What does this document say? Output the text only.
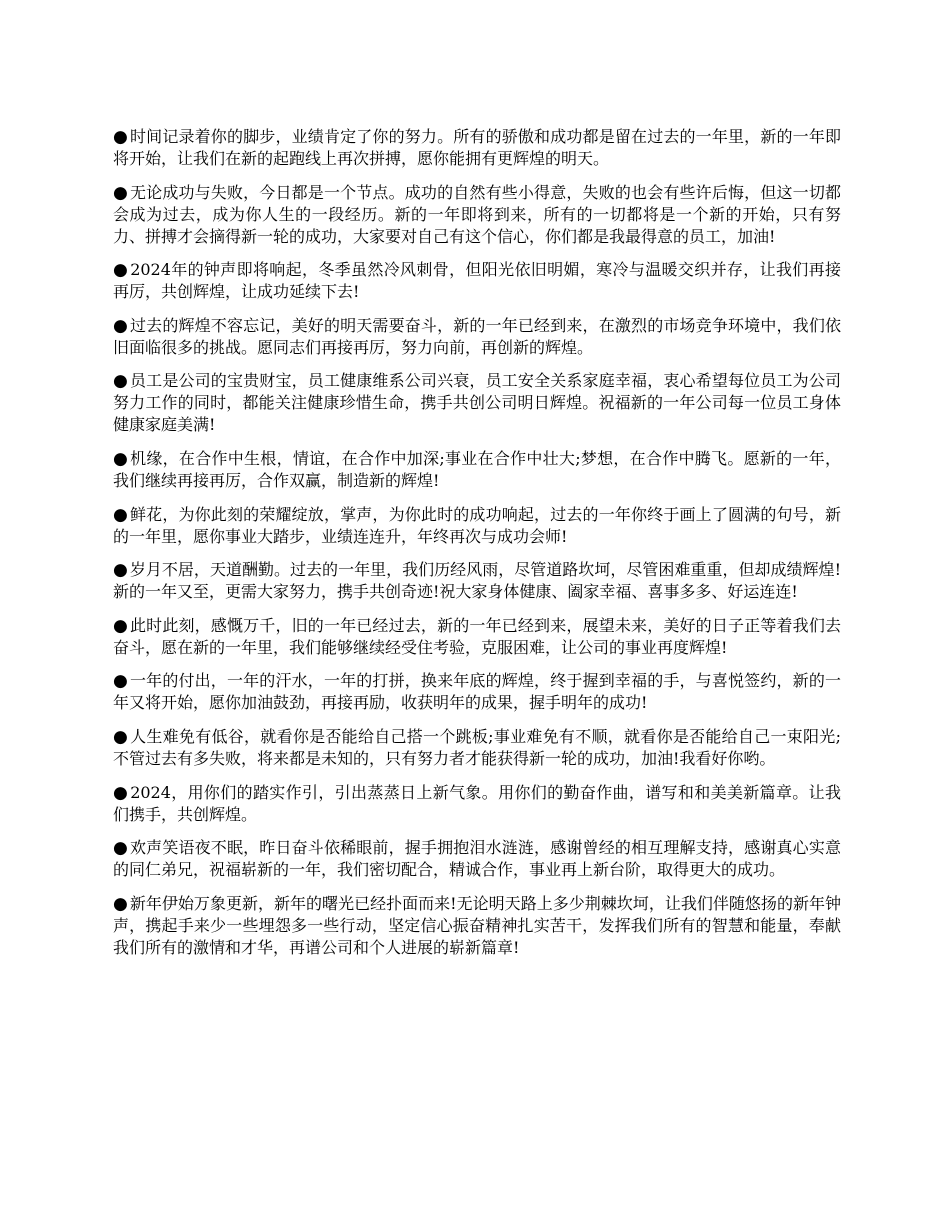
● 时间记录着你的脚步，业绩肯定了你的努力。所有的骄傲和成功都是留在过去的一年里，新的一年即将开始，让我们在新的起跑线上再次拼搏，愿你能拥有更辉煌的明天。

● 无论成功与失败，今日都是一个节点。成功的自然有些小得意，失败的也会有些许后悔，但这一切都会成为过去，成为你人生的一段经历。新的一年即将到来，所有的一切都将是一个新的开始，只有努力、拼搏才会摘得新一轮的成功，大家要对自己有这个信心，你们都是我最得意的员工，加油!

● 2024年的钟声即将响起，冬季虽然冷风刺骨，但阳光依旧明媚，寒冷与温暖交织并存，让我们再接再厉，共创辉煌，让成功延续下去!

● 过去的辉煌不容忘记，美好的明天需要奋斗，新的一年已经到来，在激烈的市场竞争环境中，我们依旧面临很多的挑战。愿同志们再接再厉，努力向前，再创新的辉煌。

● 员工是公司的宝贵财宝，员工健康维系公司兴衰，员工安全关系家庭幸福，衷心希望每位员工为公司努力工作的同时，都能关注健康珍惜生命，携手共创公司明日辉煌。祝福新的一年公司每一位员工身体健康家庭美满!

● 机缘，在合作中生根，情谊，在合作中加深;事业在合作中壮大;梦想，在合作中腾飞。愿新的一年，我们继续再接再厉，合作双赢，制造新的辉煌!

● 鲜花，为你此刻的荣耀绽放，掌声，为你此时的成功响起，过去的一年你终于画上了圆满的句号，新的一年里，愿你事业大踏步，业绩连连升，年终再次与成功会师!

● 岁月不居，天道酬勤。过去的一年里，我们历经风雨，尽管道路坎坷，尽管困难重重，但却成绩辉煌!新的一年又至，更需大家努力，携手共创奇迹!祝大家身体健康、阖家幸福、喜事多多、好运连连!

● 此时此刻，感慨万千，旧的一年已经过去，新的一年已经到来，展望未来，美好的日子正等着我们去奋斗，愿在新的一年里，我们能够继续经受住考验，克服困难，让公司的事业再度辉煌!

● 一年的付出，一年的汗水，一年的打拼，换来年底的辉煌，终于握到幸福的手，与喜悦签约，新的一年又将开始，愿你加油鼓劲，再接再励，收获明年的成果，握手明年的成功!

● 人生难免有低谷，就看你是否能给自己搭一个跳板;事业难免有不顺，就看你是否能给自己一束阳光;不管过去有多失败，将来都是未知的，只有努力者才能获得新一轮的成功，加油!我看好你哟。

● 2024，用你们的踏实作引，引出蒸蒸日上新气象。用你们的勤奋作曲，谱写和和美美新篇章。让我们携手，共创辉煌。

● 欢声笑语夜不眠，昨日奋斗依稀眼前，握手拥抱泪水涟涟，感谢曾经的相互理解支持，感谢真心实意的同仁弟兄，祝福崭新的一年，我们密切配合，精诚合作，事业再上新台阶，取得更大的成功。

● 新年伊始万象更新，新年的曙光已经扑面而来!无论明天路上多少荆棘坎坷，让我们伴随悠扬的新年钟声，携起手来少一些埋怨多一些行动，坚定信心振奋精神扎实苦干，发挥我们所有的智慧和能量，奉献我们所有的激情和才华，再谱公司和个人进展的崭新篇章!
